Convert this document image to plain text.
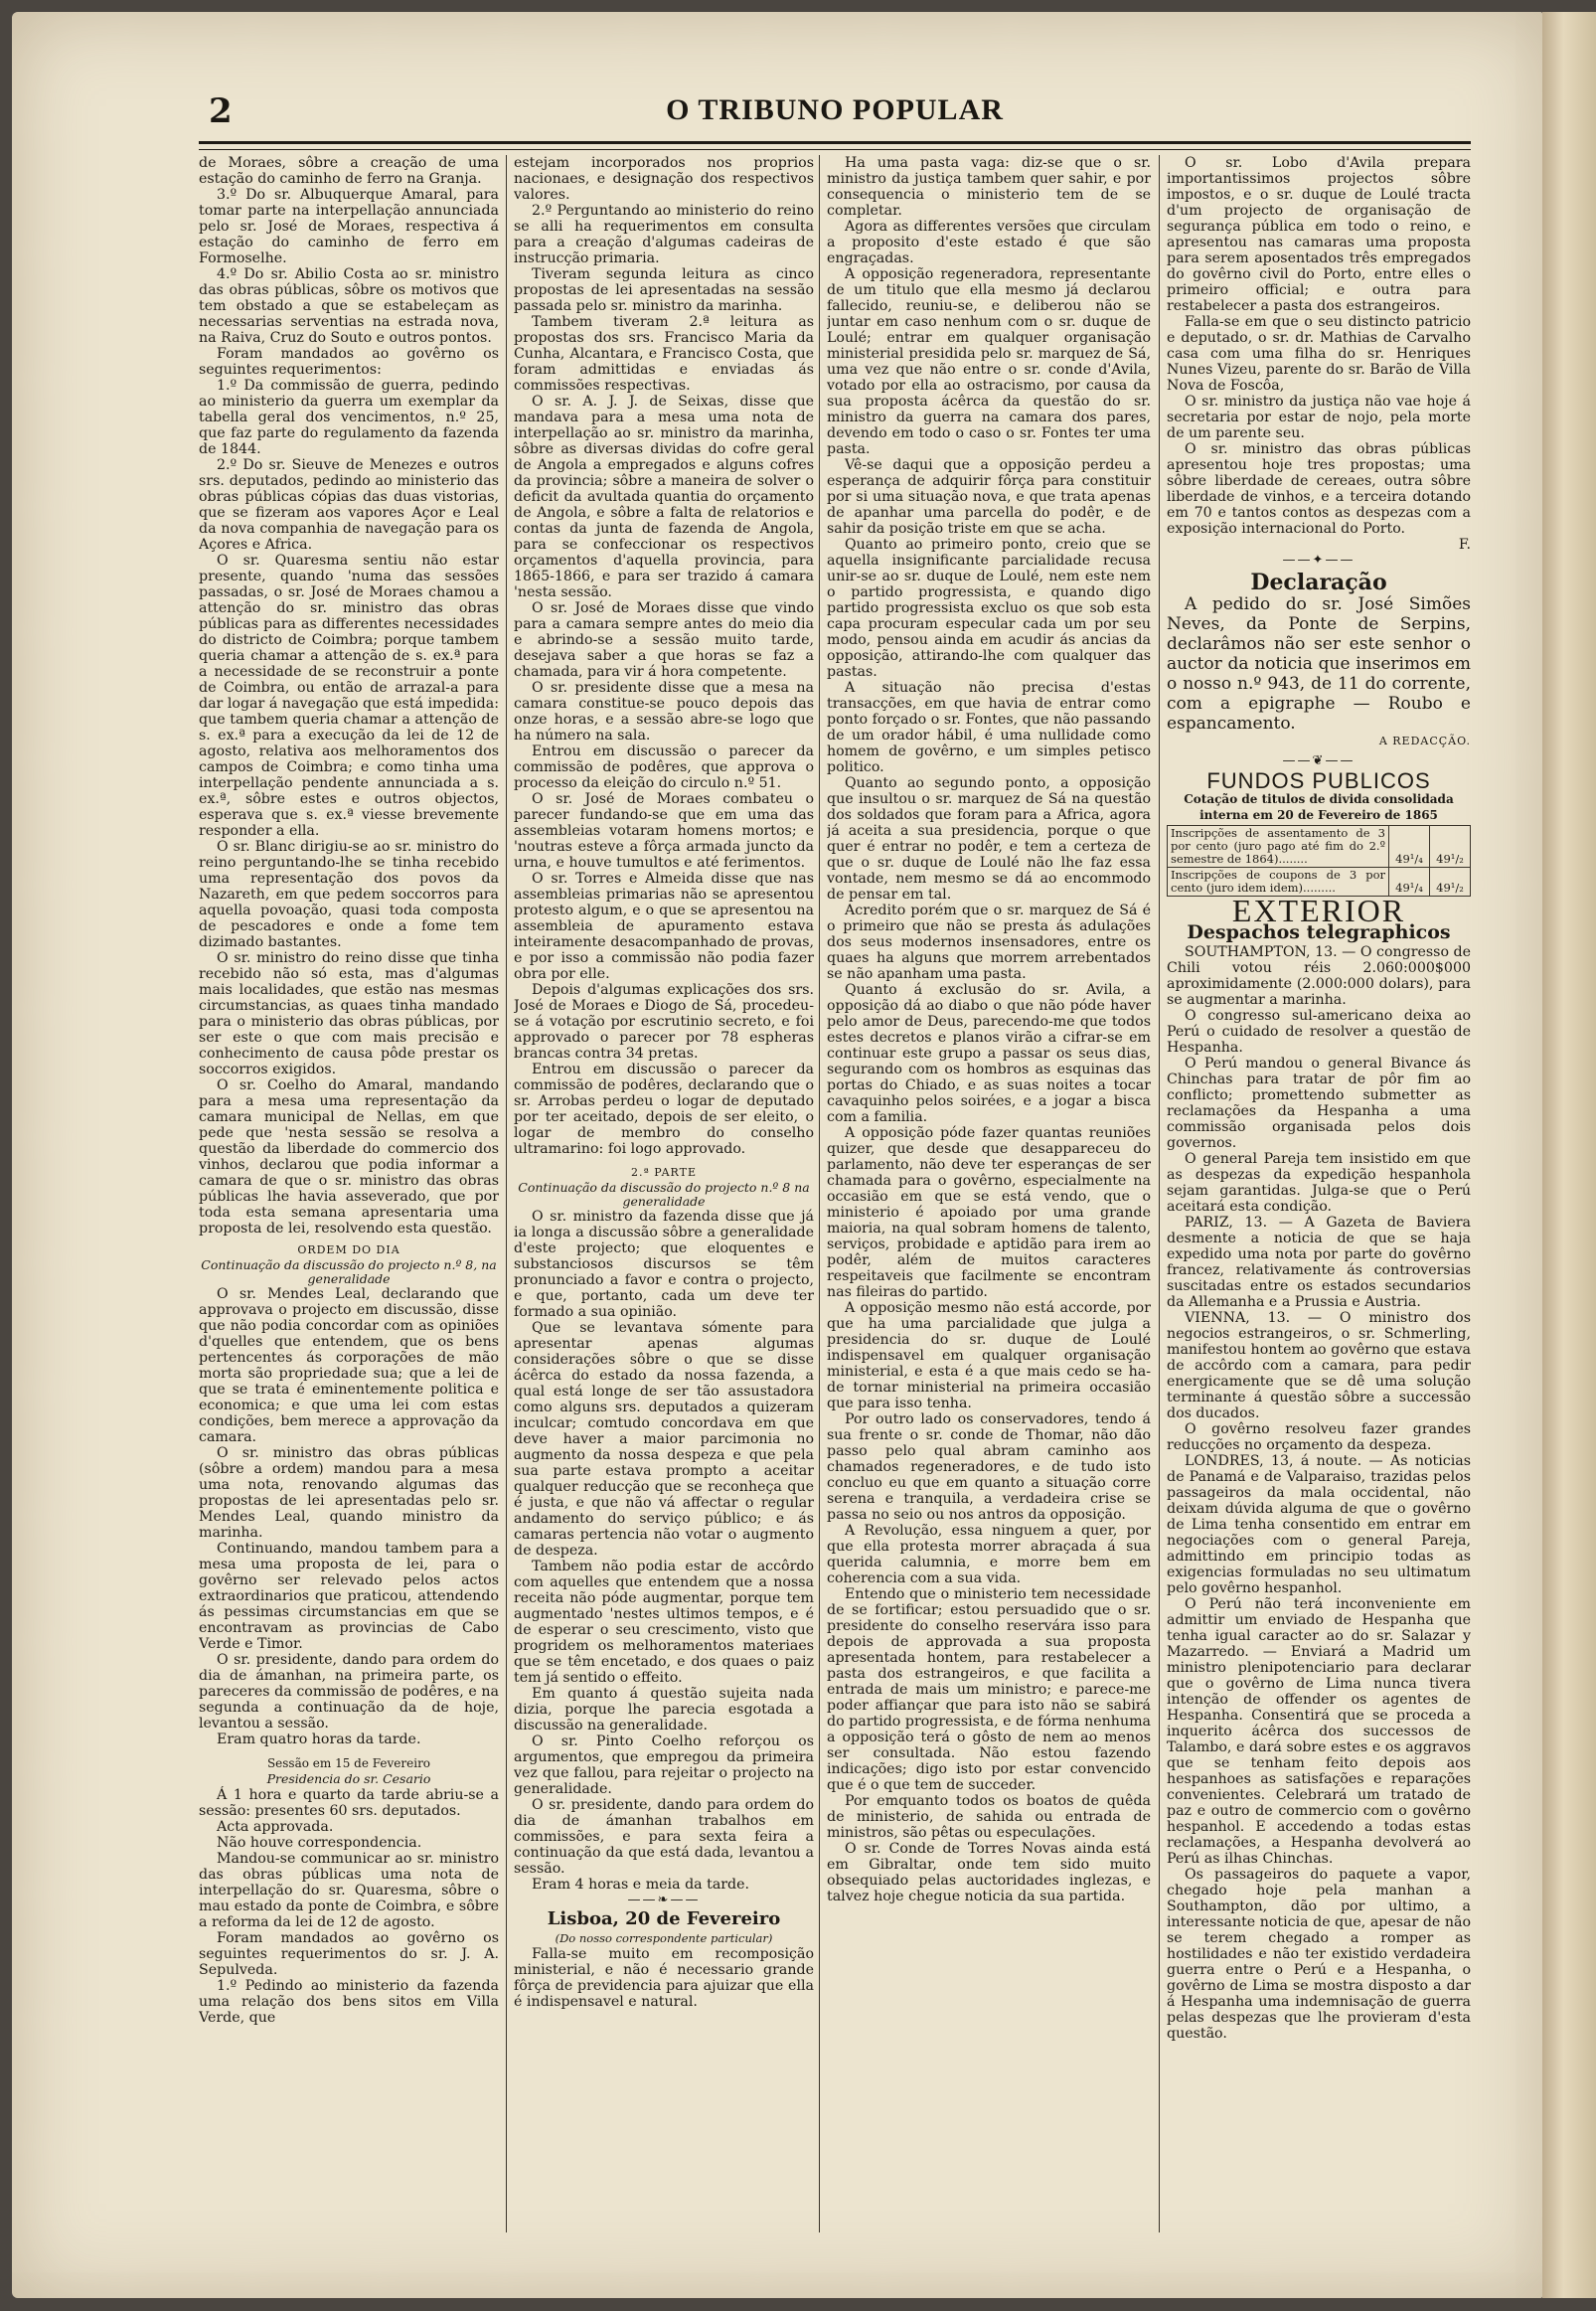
2	O TRIBUNO POPULAR

de Moraes, sôbre a creação de uma estação do caminho de ferro na Granja.

3.º Do sr. Albuquerque Amaral, para tomar parte na interpellação annunciada pelo sr. José de Moraes, respectiva á estação do caminho de ferro em Formoselhe.

4.º Do sr. Abilio Costa ao sr. ministro das obras públicas, sôbre os motivos que tem obstado a que se estabeleçam as necessarias serventias na estrada nova, na Raiva, Cruz do Souto e outros pontos.

Foram mandados ao govêrno os seguintes requerimentos:

1.º Da commissão de guerra, pedindo ao ministerio da guerra um exemplar da tabella geral dos vencimentos, n.º 25, que faz parte do regulamento da fazenda de 1844.

2.º Do sr. Sieuve de Menezes e outros srs. deputados, pedindo ao ministerio das obras públicas cópias das duas vistorias, que se fizeram aos vapores Açor e Leal da nova companhia de navegação para os Açores e Africa.

O sr. Quaresma sentiu não estar presente, quando 'numa das sessões passadas, o sr. José de Moraes chamou a attenção do sr. ministro das obras públicas para as differentes necessidades do districto de Coimbra; porque tambem queria chamar a attenção de s. ex.ª para a necessidade de se reconstruir a ponte de Coimbra, ou então de arrazal-a para dar logar á navegação que está impedida: que tambem queria chamar a attenção de s. ex.ª para a execução da lei de 12 de agosto, relativa aos melhoramentos dos campos de Coimbra; e como tinha uma interpellação pendente annunciada a s. ex.ª, sôbre estes e outros objectos, esperava que s. ex.ª viesse brevemente responder a ella.

O sr. Blanc dirigiu-se ao sr. ministro do reino perguntando-lhe se tinha recebido uma representação dos povos da Nazareth, em que pedem soccorros para aquella povoação, quasi toda composta de pescadores e onde a fome tem dizimado bastantes.

O sr. ministro do reino disse que tinha recebido não só esta, mas d'algumas mais localidades, que estão nas mesmas circumstancias, as quaes tinha mandado para o ministerio das obras públicas, por ser este o que com mais precisão e conhecimento de causa pôde prestar os soccorros exigidos.

O sr. Coelho do Amaral, mandando para a mesa uma representação da camara municipal de Nellas, em que pede que 'nesta sessão se resolva a questão da liberdade do commercio dos vinhos, declarou que podia informar a camara de que o sr. ministro das obras públicas lhe havia asseverado, que por toda esta semana apresentaria uma proposta de lei, resolvendo esta questão.

ORDEM DO DIA

Continuação da discussão do projecto n.º 8, na generalidade

O sr. Mendes Leal, declarando que approvava o projecto em discussão, disse que não podia concordar com as opiniões d'quelles que entendem, que os bens pertencentes ás corporações de mão morta são propriedade sua; que a lei de que se trata é eminentemente politica e economica; e que uma lei com estas condições, bem merece a approvação da camara.

O sr. ministro das obras públicas (sôbre a ordem) mandou para a mesa uma nota, renovando algumas das propostas de lei apresentadas pelo sr. Mendes Leal, quando ministro da marinha.

Continuando, mandou tambem para a mesa uma proposta de lei, para o govêrno ser relevado pelos actos extraordinarios que praticou, attendendo ás pessimas circumstancias em que se encontravam as provincias de Cabo Verde e Timor.

O sr. presidente, dando para ordem do dia de ámanhan, na primeira parte, os pareceres da commissão de podêres, e na segunda a continuação da de hoje, levantou a sessão.

Eram quatro horas da tarde.

Sessão em 15 de Fevereiro

Presidencia do sr. Cesario

Á 1 hora e quarto da tarde abriu-se a sessão: presentes 60 srs. deputados.

Acta approvada.

Não houve correspondencia.

Mandou-se communicar ao sr. ministro das obras públicas uma nota de interpellação do sr. Quaresma, sôbre o mau estado da ponte de Coimbra, e sôbre a reforma da lei de 12 de agosto.

Foram mandados ao govêrno os seguintes requerimentos do sr. J. A. Sepulveda.

1.º Pedindo ao ministerio da fazenda uma relação dos bens sitos em Villa Verde, que

estejam incorporados nos proprios nacionaes, e designação dos respectivos valores.

2.º Perguntando ao ministerio do reino se alli ha requerimentos em consulta para a creação d'algumas cadeiras de instrucção primaria.

Tiveram segunda leitura as cinco propostas de lei apresentadas na sessão passada pelo sr. ministro da marinha.

Tambem tiveram 2.ª leitura as propostas dos srs. Francisco Maria da Cunha, Alcantara, e Francisco Costa, que foram admittidas e enviadas ás commissões respectivas.

O sr. A. J. J. de Seixas, disse que mandava para a mesa uma nota de interpellação ao sr. ministro da marinha, sôbre as diversas dividas do cofre geral de Angola a empregados e alguns cofres da provincia; sôbre a maneira de solver o deficit da avultada quantia do orçamento de Angola, e sôbre a falta de relatorios e contas da junta de fazenda de Angola, para se confeccionar os respectivos orçamentos d'aquella provincia, para 1865-1866, e para ser trazido á camara 'nesta sessão.

O sr. José de Moraes disse que vindo para a camara sempre antes do meio dia e abrindo-se a sessão muito tarde, desejava saber a que horas se faz a chamada, para vir á hora competente.

O sr. presidente disse que a mesa na camara constitue-se pouco depois das onze horas, e a sessão abre-se logo que ha número na sala.

Entrou em discussão o parecer da commissão de podêres, que approva o processo da eleição do circulo n.º 51.

O sr. José de Moraes combateu o parecer fundando-se que em uma das assembleias votaram homens mortos; e 'noutras esteve a fôrça armada juncto da urna, e houve tumultos e até ferimentos.

O sr. Torres e Almeida disse que nas assembleias primarias não se apresentou protesto algum, e o que se apresentou na assembleia de apuramento estava inteiramente desacompanhado de provas, e por isso a commissão não podia fazer obra por elle.

Depois d'algumas explicações dos srs. José de Moraes e Diogo de Sá, procedeu-se á votação por escrutinio secreto, e foi approvado o parecer por 78 espheras brancas contra 34 pretas.

Entrou em discussão o parecer da commissão de podêres, declarando que o sr. Arrobas perdeu o logar de deputado por ter aceitado, depois de ser eleito, o logar de membro do conselho ultramarino: foi logo approvado.

2.ª PARTE

Continuação da discussão do projecto n.º 8 na generalidade

O sr. ministro da fazenda disse que já ia longa a discussão sôbre a generalidade d'este projecto; que eloquentes e substanciosos discursos se têm pronunciado a favor e contra o projecto, e que, portanto, cada um deve ter formado a sua opinião.

Que se levantava sómente para apresentar apenas algumas considerações sôbre o que se disse ácêrca do estado da nossa fazenda, a qual está longe de ser tão assustadora como alguns srs. deputados a quizeram inculcar; comtudo concordava em que deve haver a maior parcimonia no augmento da nossa despeza e que pela sua parte estava prompto a aceitar qualquer reducção que se reconheça que é justa, e que não vá affectar o regular andamento do serviço público; e ás camaras pertencia não votar o augmento de despeza.

Tambem não podia estar de accôrdo com aquelles que entendem que a nossa receita não póde augmentar, porque tem augmentado 'nestes ultimos tempos, e é de esperar o seu crescimento, visto que progridem os melhoramentos materiaes que se têm encetado, e dos quaes o paiz tem já sentido o effeito.

Em quanto á questão sujeita nada dizia, porque lhe parecia esgotada a discussão na generalidade.

O sr. Pinto Coelho reforçou os argumentos, que empregou da primeira vez que fallou, para rejeitar o projecto na generalidade.

O sr. presidente, dando para ordem do dia de ámanhan trabalhos em commissões, e para sexta feira a continuação da que está dada, levantou a sessão.

Eram 4 horas e meia da tarde.

——❧——

Lisboa, 20 de Fevereiro

(Do nosso correspondente particular)

Falla-se muito em recomposição ministerial, e não é necessario grande fôrça de previdencia para ajuizar que ella é indispensavel e natural.

Ha uma pasta vaga: diz-se que o sr. ministro da justiça tambem quer sahir, e por consequencia o ministerio tem de se completar.

Agora as differentes versões que circulam a proposito d'este estado é que são engraçadas.

A opposição regeneradora, representante de um titulo que ella mesmo já declarou fallecido, reuniu-se, e deliberou não se juntar em caso nenhum com o sr. duque de Loulé; entrar em qualquer organisação ministerial presidida pelo sr. marquez de Sá, uma vez que não entre o sr. conde d'Avila, votado por ella ao ostracismo, por causa da sua proposta ácêrca da questão do sr. ministro da guerra na camara dos pares, devendo em todo o caso o sr. Fontes ter uma pasta.

Vê-se daqui que a opposição perdeu a esperança de adquirir fôrça para constituir por si uma situação nova, e que trata apenas de apanhar uma parcella do podêr, e de sahir da posição triste em que se acha.

Quanto ao primeiro ponto, creio que se aquella insignificante parcialidade recusa unir-se ao sr. duque de Loulé, nem este nem o partido progressista, e quando digo partido progressista excluo os que sob esta capa procuram especular cada um por seu modo, pensou ainda em acudir ás ancias da opposição, attirando-lhe com qualquer das pastas.

A situação não precisa d'estas transacções, em que havia de entrar como ponto forçado o sr. Fontes, que não passando de um orador hábil, é uma nullidade como homem de govêrno, e um simples petisco politico.

Quanto ao segundo ponto, a opposição que insultou o sr. marquez de Sá na questão dos soldados que foram para a Africa, agora já aceita a sua presidencia, porque o que quer é entrar no podêr, e tem a certeza de que o sr. duque de Loulé não lhe faz essa vontade, nem mesmo se dá ao encommodo de pensar em tal.

Acredito porém que o sr. marquez de Sá é o primeiro que não se presta ás adulações dos seus modernos insensadores, entre os quaes ha alguns que morrem arrebentados se não apanham uma pasta.

Quanto á exclusão do sr. Avila, a opposição dá ao diabo o que não póde haver pelo amor de Deus, parecendo-me que todos estes decretos e planos virão a cifrar-se em continuar este grupo a passar os seus dias, segurando com os hombros as esquinas das portas do Chiado, e as suas noites a tocar cavaquinho pelos soirées, e a jogar a bisca com a familia.

A opposição póde fazer quantas reuniões quizer, que desde que desappareceu do parlamento, não deve ter esperanças de ser chamada para o govêrno, especialmente na occasião em que se está vendo, que o ministerio é apoiado por uma grande maioria, na qual sobram homens de talento, serviços, probidade e aptidão para irem ao podêr, além de muitos caracteres respeitaveis que facilmente se encontram nas fileiras do partido.

A opposição mesmo não está accorde, por que ha uma parcialidade que julga a presidencia do sr. duque de Loulé indispensavel em qualquer organisação ministerial, e esta é a que mais cedo se ha-de tornar ministerial na primeira occasião que para isso tenha.

Por outro lado os conservadores, tendo á sua frente o sr. conde de Thomar, não dão passo pelo qual abram caminho aos chamados regeneradores, e de tudo isto concluo eu que em quanto a situação corre serena e tranquila, a verdadeira crise se passa no seio ou nos antros da opposição.

A Revolução, essa ninguem a quer, por que ella protesta morrer abraçada á sua querida calumnia, e morre bem em coherencia com a sua vida.

Entendo que o ministerio tem necessidade de se fortificar; estou persuadido que o sr. presidente do conselho reservára isso para depois de approvada a sua proposta apresentada hontem, para restabelecer a pasta dos estrangeiros, e que facilita a entrada de mais um ministro; e parece-me poder affiançar que para isto não se sabirá do partido progressista, e de fórma nenhuma a opposição terá o gôsto de nem ao menos ser consultada. Não estou fazendo indicações; digo isto por estar convencido que é o que tem de succeder.

Por emquanto todos os boatos de quêda de ministerio, de sahida ou entrada de ministros, são pêtas ou especulações.

O sr. Conde de Torres Novas ainda está em Gibraltar, onde tem sido muito obsequiado pelas auctoridades inglezas, e talvez hoje chegue noticia da sua partida.

O sr. Lobo d'Avila prepara importantissimos projectos sôbre impostos, e o sr. duque de Loulé tracta d'um projecto de organisação de segurança pública em todo o reino, e apresentou nas camaras uma proposta para serem aposentados três empregados do govêrno civil do Porto, entre elles o primeiro official; e outra para restabelecer a pasta dos estrangeiros.

Falla-se em que o seu distincto patricio e deputado, o sr. dr. Mathias de Carvalho casa com uma filha do sr. Henriques Nunes Vizeu, parente do sr. Barão de Villa Nova de Foscôa,

O sr. ministro da justiça não vae hoje á secretaria por estar de nojo, pela morte de um parente seu.

O sr. ministro das obras públicas apresentou hoje tres propostas; uma sôbre liberdade de cereaes, outra sôbre liberdade de vinhos, e a terceira dotando em 70 e tantos contos as despezas com a exposição internacional do Porto.

F.

——✦——
Declaração

A pedido do sr. José Simões Neves, da Ponte de Serpins, declarâmos não ser este senhor o auctor da noticia que inserimos em o nosso n.º 943, de 11 do corrente, com a epigraphe — Roubo e espancamento.

A REDACÇÃO.

——❦——
FUNDOS PUBLICOS

Cotação de titulos de divida consolidada interna em 20 de Fevereiro de 1865

Inscripções de assentamento de 3 por cento (juro pago até fim do 2.º semestre de 1864)........	49¹/₄	49¹/₂
Inscripções de coupons de 3 por cento (juro idem idem).........	49¹/₄	49¹/₂
EXTERIOR
Despachos telegraphicos

SOUTHAMPTON, 13. — O congresso de Chili votou réis 2.060:000$000 aproximidamente (2.000:000 dolars), para se augmentar a marinha.

O congresso sul-americano deixa ao Perú o cuidado de resolver a questão de Hespanha.

O Perú mandou o general Bivance ás Chinchas para tratar de pôr fim ao conflicto; promettendo submetter as reclamações da Hespanha a uma commissão organisada pelos dois governos.

O general Pareja tem insistido em que as despezas da expedição hespanhola sejam garantidas. Julga-se que o Perú aceitará esta condição.

PARIZ, 13. — A Gazeta de Baviera desmente a noticia de que se haja expedido uma nota por parte do govêrno francez, relativamente ás controversias suscitadas entre os estados secundarios da Allemanha e a Prussia e Austria.

VIENNA, 13. — O ministro dos negocios estrangeiros, o sr. Schmerling, manifestou hontem ao govêrno que estava de accôrdo com a camara, para pedir energicamente que se dê uma solução terminante á questão sôbre a successão dos ducados.

O govêrno resolveu fazer grandes reducções no orçamento da despeza.

LONDRES, 13, á noute. — As noticias de Panamá e de Valparaiso, trazidas pelos passageiros da mala occidental, não deixam dúvida alguma de que o govêrno de Lima tenha consentido em entrar em negociações com o general Pareja, admittindo em principio todas as exigencias formuladas no seu ultimatum pelo govêrno hespanhol.

O Perú não terá inconveniente em admittir um enviado de Hespanha que tenha igual caracter ao do sr. Salazar y Mazarredo. — Enviará a Madrid um ministro plenipotenciario para declarar que o govêrno de Lima nunca tivera intenção de offender os agentes de Hespanha. Consentirá que se proceda a inquerito ácêrca dos successos de Talambo, e dará sobre estes e os aggravos que se tenham feito depois aos hespanhoes as satisfações e reparações convenientes. Celebrará um tratado de paz e outro de commercio com o govêrno hespanhol. E accedendo a todas estas reclamações, a Hespanha devolverá ao Perú as ilhas Chinchas.

Os passageiros do paquete a vapor, chegado hoje pela manhan a Southampton, dão por ultimo, a interessante noticia de que, apesar de não se terem chegado a romper as hostilidades e não ter existido verdadeira guerra entre o Perú e a Hespanha, o govêrno de Lima se mostra disposto a dar á Hespanha uma indemnisação de guerra pelas despezas que lhe provieram d'esta questão.
